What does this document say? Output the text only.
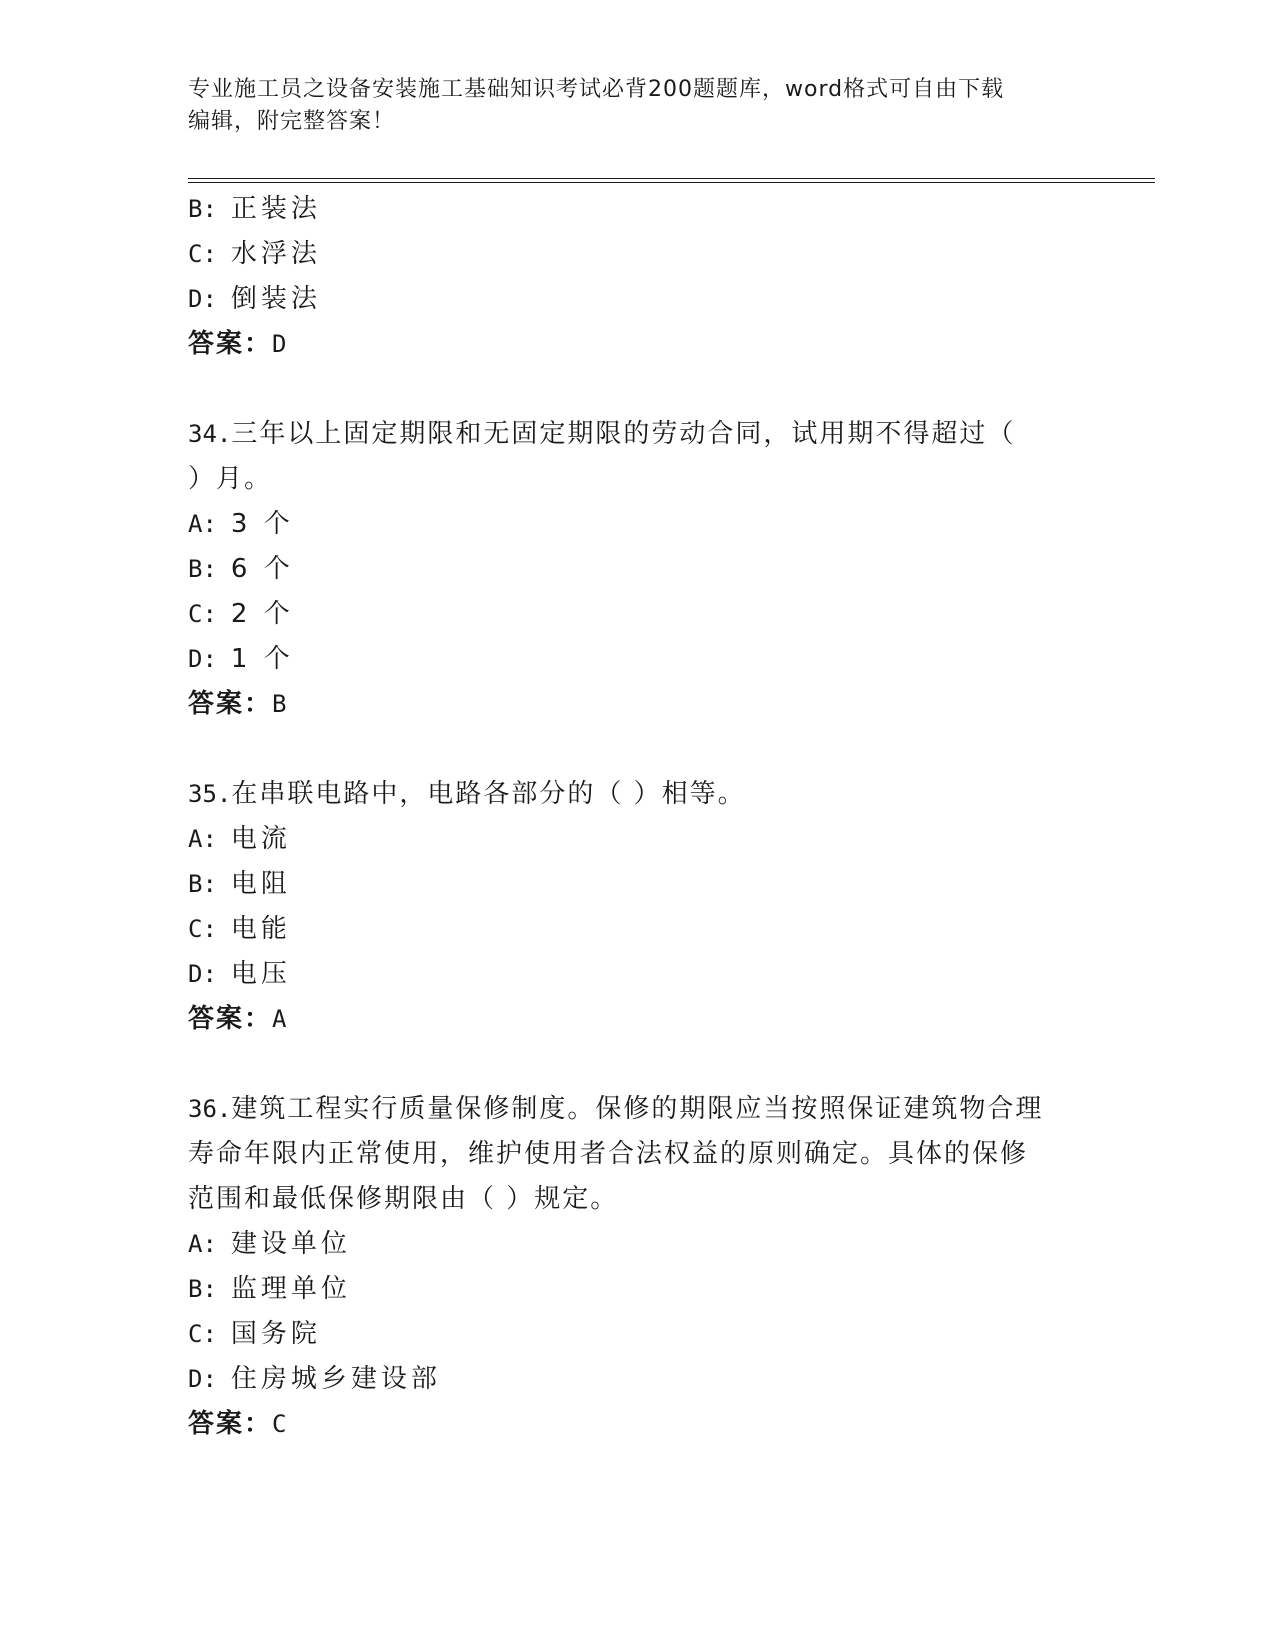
专业施工员之设备安装施工基础知识考试必背200题题库，word格式可自由下载
编辑，附完整答案！
B: 正装法
C: 水浮法
D: 倒装法
答案：D
34.三年以上固定期限和无固定期限的劳动合同，试用期不得超过（
）月。
A: 3 个
B: 6 个
C: 2 个
D: 1 个
答案：B
35.在串联电路中，电路各部分的（ ）相等。
A: 电流
B: 电阻
C: 电能
D: 电压
答案：A
36.建筑工程实行质量保修制度。保修的期限应当按照保证建筑物合理
寿命年限内正常使用，维护使用者合法权益的原则确定。具体的保修
范围和最低保修期限由（ ）规定。
A: 建设单位
B: 监理单位
C: 国务院
D: 住房城乡建设部
答案：C
